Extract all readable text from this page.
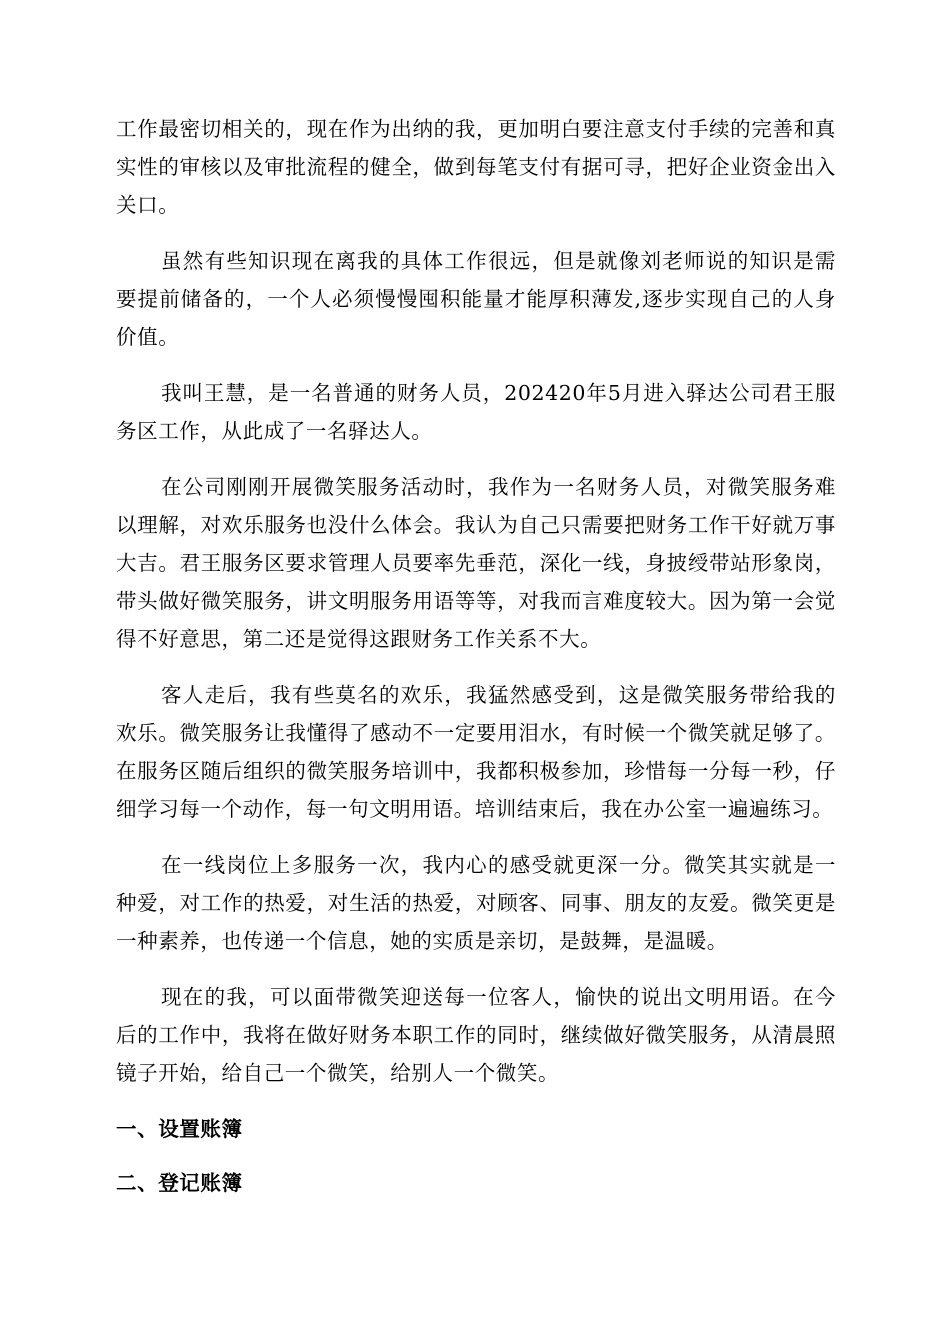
工作最密切相关的，现在作为出纳的我，更加明白要注意支付手续的完善和真实性的审核以及审批流程的健全，做到每笔支付有据可寻，把好企业资金出入关口。

虽然有些知识现在离我的具体工作很远，但是就像刘老师说的知识是需要提前储备的，一个人必须慢慢囤积能量才能厚积薄发,逐步实现自己的人身价值。

我叫王慧，是一名普通的财务人员，202420年5月进入驿达公司君王服务区工作，从此成了一名驿达人。

在公司刚刚开展微笑服务活动时，我作为一名财务人员，对微笑服务难以理解，对欢乐服务也没什么体会。我认为自己只需要把财务工作干好就万事大吉。君王服务区要求管理人员要率先垂范，深化一线，身披绶带站形象岗，带头做好微笑服务，讲文明服务用语等等，对我而言难度较大。因为第一会觉得不好意思，第二还是觉得这跟财务工作关系不大。

客人走后，我有些莫名的欢乐，我猛然感受到，这是微笑服务带给我的欢乐。微笑服务让我懂得了感动不一定要用泪水，有时候一个微笑就足够了。在服务区随后组织的微笑服务培训中，我都积极参加，珍惜每一分每一秒，仔细学习每一个动作，每一句文明用语。培训结束后，我在办公室一遍遍练习。

在一线岗位上多服务一次，我内心的感受就更深一分。微笑其实就是一种爱，对工作的热爱，对生活的热爱，对顾客、同事、朋友的友爱。微笑更是一种素养，也传递一个信息，她的实质是亲切，是鼓舞，是温暖。

现在的我，可以面带微笑迎送每一位客人，愉快的说出文明用语。在今后的工作中，我将在做好财务本职工作的同时，继续做好微笑服务，从清晨照镜子开始，给自己一个微笑，给别人一个微笑。

一、设置账簿

二、登记账簿
